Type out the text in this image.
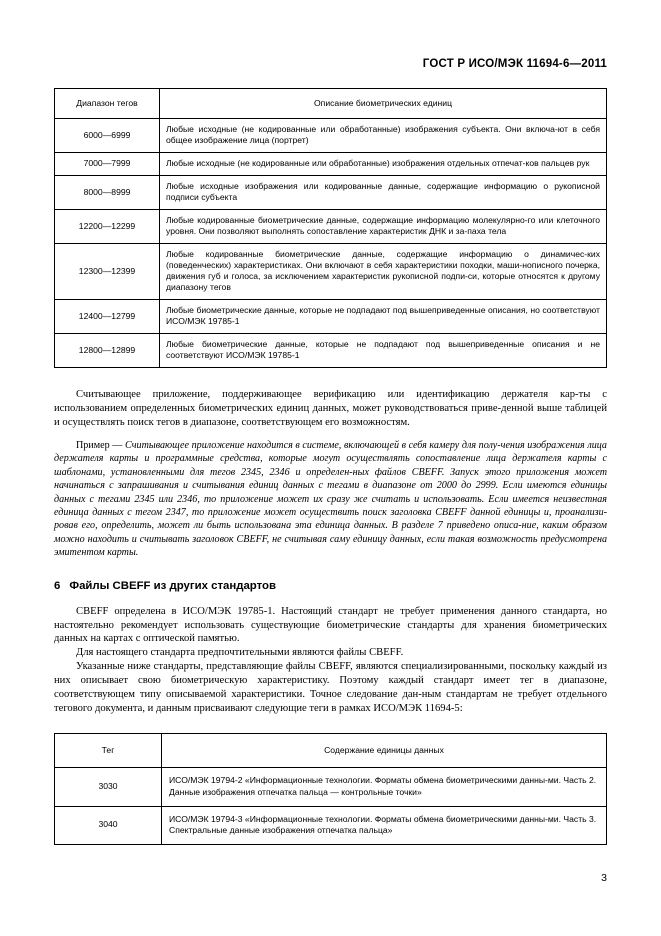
ГОСТ Р ИСО/МЭК 11694-6—2011
Диапазон тегов	Описание биометрических единиц
6000—6999	Любые исходные (не кодированные или обработанные) изображения субъекта. Они включа-ют в себя общее изображение лица (портрет)
7000—7999	Любые исходные (не кодированные или обработанные) изображения отдельных отпечат-ков пальцев рук
8000—8999	Любые исходные изображения или кодированные данные, содержащие информацию о рукописной подписи субъекта
12200—12299	Любые кодированные биометрические данные, содержащие информацию молекулярно-го или клеточного уровня. Они позволяют выполнять сопоставление характеристик ДНК и за-паха тела
12300—12399	Любые кодированные биометрические данные, содержащие информацию о динамичес-ких (поведенческих) характеристиках. Они включают в себя характеристики походки, маши-нописного почерка, движения губ и голоса, за исключением характеристик рукописной подпи-си, которые относятся к другому диапазону тегов
12400—12799	Любые биометрические данные, которые не подпадают под вышеприведенные описания, но соответствуют ИСО/МЭК 19785-1
12800—12899	Любые биометрические данные, которые не подпадают под вышеприведенные описания и не соответствуют ИСО/МЭК 19785-1

Считывающее приложение, поддерживающее верификацию или идентификацию держателя кар-ты с использованием определенных биометрических единиц данных, может руководствоваться приве-денной выше таблицей и осуществлять поиск тегов в диапазоне, соответствующем его возможностям.

Пример — Считывающее приложение находится в системе, включающей в себя камеру для полу-чения изображения лица держателя карты и программные средства, которые могут осуществлять сопоставление лица держателя карты с шаблонами, установленными для тегов 2345, 2346 и определен-ных файлов CBEFF. Запуск этого приложения может начинаться с запрашивания и считывания единиц данных с тегами в диапазоне от 2000 до 2999. Если имеются единицы данных с тегами 2345 или 2346, то приложение может их сразу же считать и использовать. Если имеется неизвестная единица данных с тегом 2347, то приложение может осуществить поиск заголовка CBEFF данной единицы и, проанализи-ровав его, определить, может ли быть использована эта единица данных. В разделе 7 приведено описа-ние, каким образом можно находить и считывать заголовок CBEFF, не считывая саму единицу данных, если такая возможность предусмотрена эмитентом карты.

6 Файлы CBEFF из других стандартов

CBEFF определена в ИСО/МЭК 19785-1. Настоящий стандарт не требует применения данного стандарта, но настоятельно рекомендует использовать существующие биометрические стандарты для хранения биометрических данных на картах с оптической памятью.

Для настоящего стандарта предпочтительными являются файлы CBEFF.

Указанные ниже стандарты, представляющие файлы CBEFF, являются специализированными, поскольку каждый из них описывает свою биометрическую характеристику. Поэтому каждый стандарт имеет тег в диапазоне, соответствующем типу описываемой характеристики. Точное следование дан-ным стандартам не требует отдельного тегового документа, и данным присваивают следующие теги в рамках ИСО/МЭК 11694-5:

Тег	Содержание единицы данных
3030	ИСО/МЭК 19794-2 «Информационные технологии. Форматы обмена биометрическими данны-ми. Часть 2. Данные изображения отпечатка пальца — контрольные точки»
3040	ИСО/МЭК 19794-3 «Информационные технологии. Форматы обмена биометрическими данны-ми. Часть 3. Спектральные данные изображения отпечатка пальца»
3
